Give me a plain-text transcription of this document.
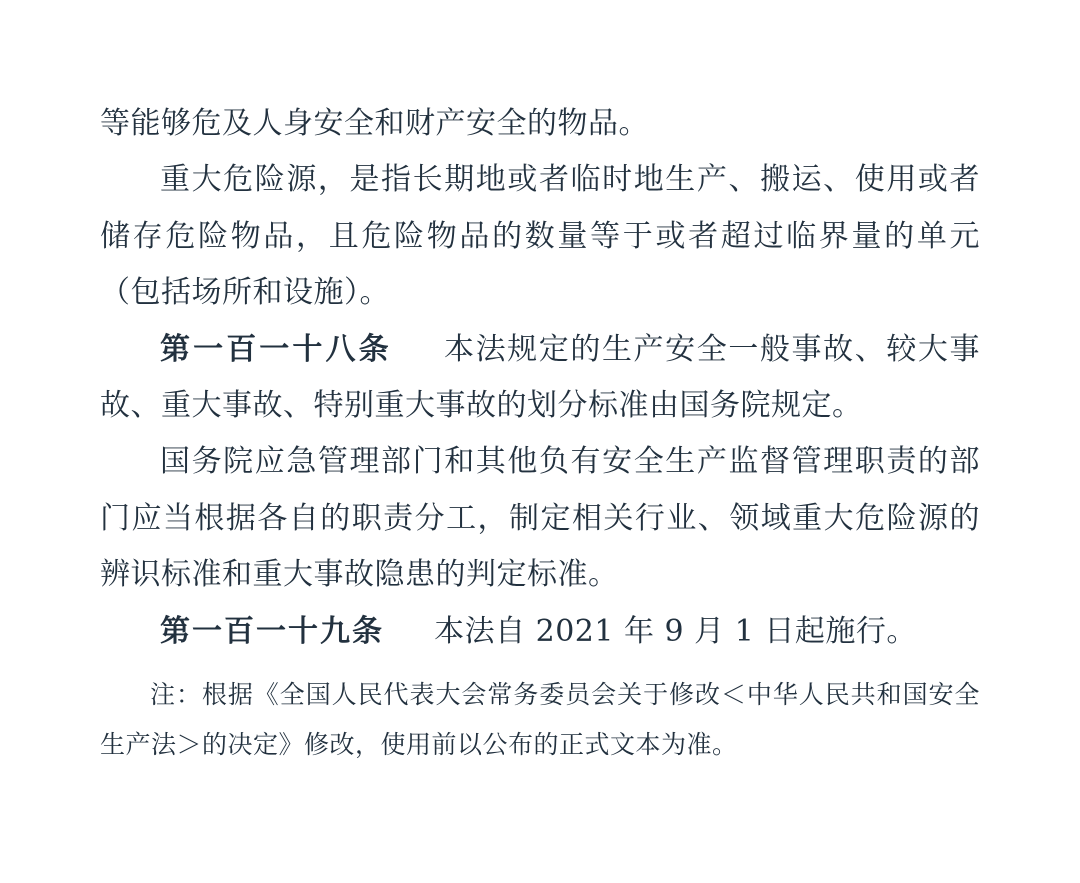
等能够危及人身安全和财产安全的物品。

重大危险源，是指长期地或者临时地生产、搬运、使用或者储存危险物品，且危险物品的数量等于或者超过临界量的单元（包括场所和设施）。

第一百一十八条 本法规定的生产安全一般事故、较大事故、重大事故、特别重大事故的划分标准由国务院规定。

国务院应急管理部门和其他负有安全生产监督管理职责的部门应当根据各自的职责分工，制定相关行业、领域重大危险源的辨识标准和重大事故隐患的判定标准。

第一百一十九条 本法自 2021 年 9 月 1 日起施行。

注：根据《全国人民代表大会常务委员会关于修改＜中华人民共和国安全生产法＞的决定》修改，使用前以公布的正式文本为准。
